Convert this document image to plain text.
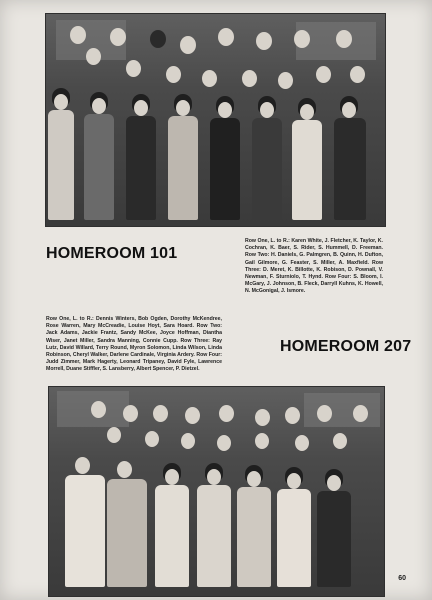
HOMEROOM 101
Row One, L. to R.: Karen White, J. Fletcher, K. Taylor, K. Cochran, K. Baer, S. Rider, S. Hummell, D. Freeman. Row Two: H. Daniels, G. Palmgren, B. Quinn, H. Dufton, Gail Gilmore, G. Feaster, S. Miller, A. Maxfield. Row Three: D. Meret, K. Billotte, K. Robison, D. Pownall, V. Newman, F. Sturniolo, T. Hynd. Row Four: S. Bloom, I. McGary, J. Johnson, B. Fleck, Darryll Kuhns, K. Howell, N. McGonigal, J. Ismore.
Row One, L. to R.: Dennis Winters, Bob Ogden, Dorothy McKendree, Rose Warren, Mary McCreadie, Louise Hoyt, Sara Hoard. Row Two: Jack Adams, Jackie Frantz, Sandy McKee, Joyce Hoffman, Diantha Wiser, Janet Miller, Sandra Manning, Connie Cupp. Row Three: Ray Lutz, David Willard, Terry Round, Myron Solomon, Linda Wilson, Linda Robinson, Cheryl Walker, Darlene Cardinale, Virginia Ardery. Row Four: Judd Zimmer, Mark Hagerty, Leonard Tripaney, David Fyle, Lawrence Morrell, Duane Stiffler, S. Lansberry, Albert Spencer, P. Dietzel.
HOMEROOM 207
60
